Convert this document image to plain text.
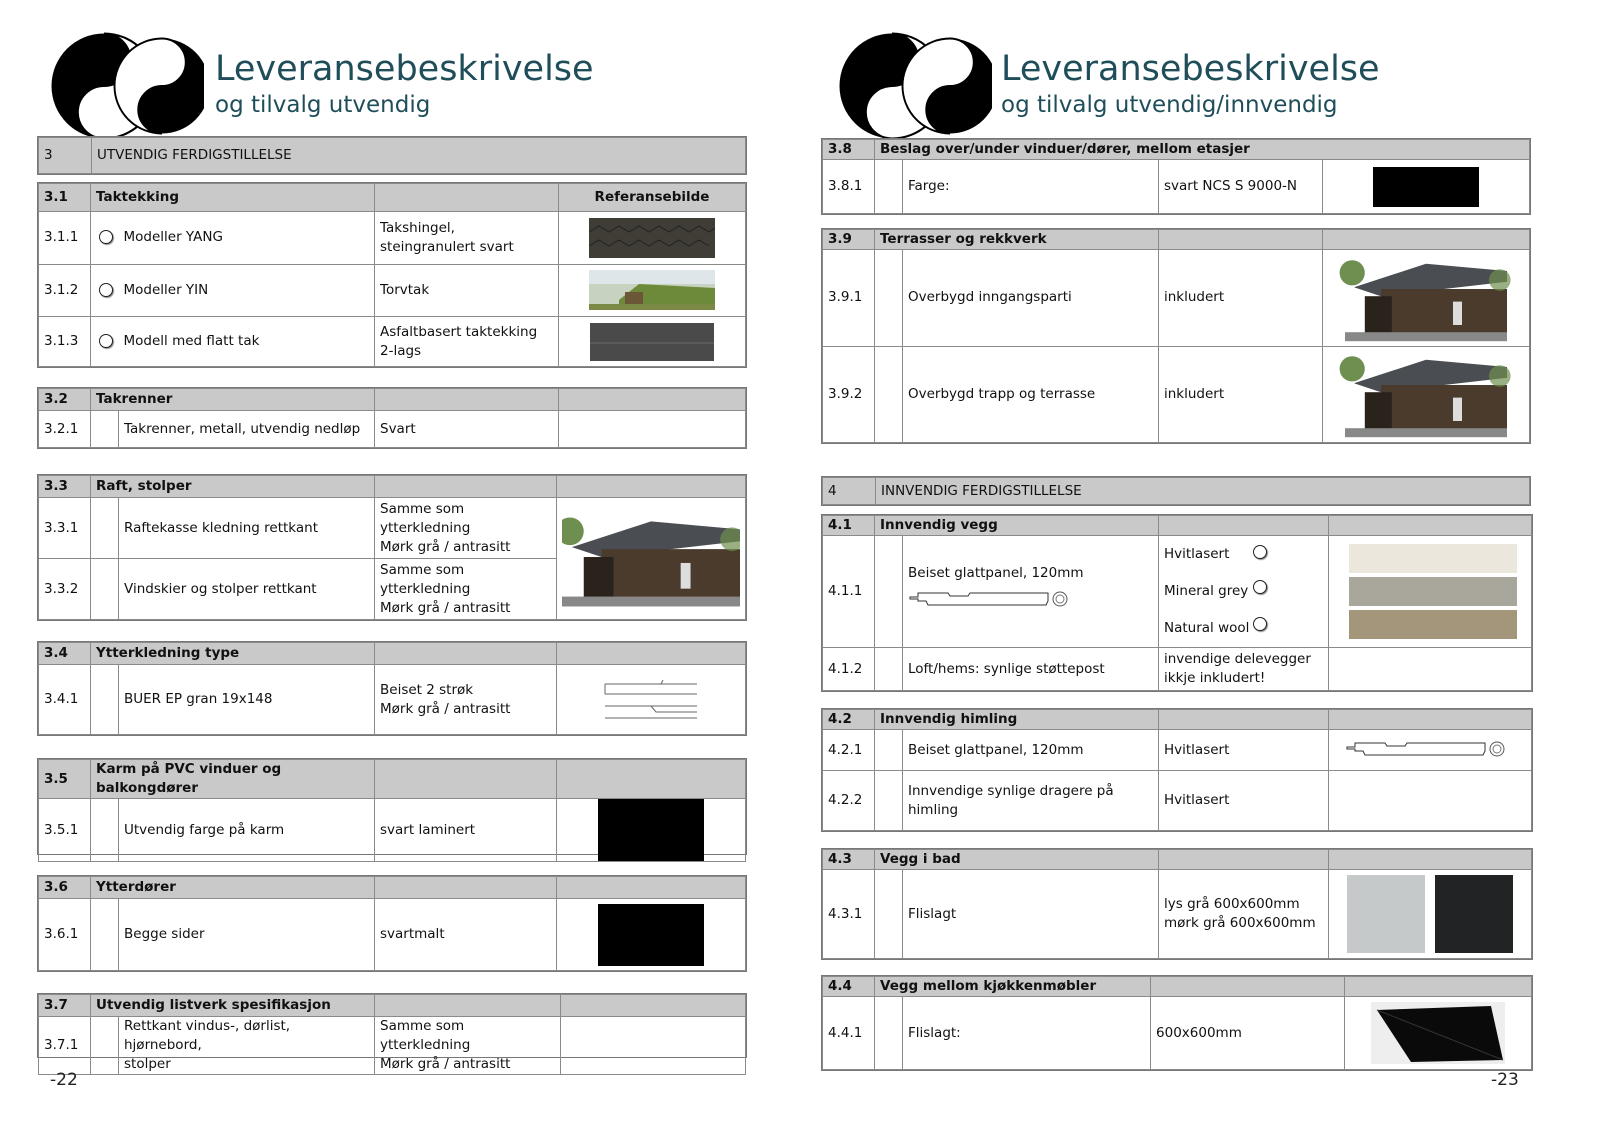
Leveransebeskrivelse
og tilvalg utvendig
3	UTVENDIG FERDIGSTILLELSE
3.1	Taktekking			Referansebilde
3.1.1		Modeller YANG	Takshingel,
steingranulert svart	

3.1.2		Modeller YIN	Torvtak	

3.1.3		Modell med flatt tak	Asfaltbasert taktekking
2-lags	
3.2	Takrenner			
3.2.1		Takrenner, metall, utvendig nedløp	Svart	
3.3	Raft, stolper			
3.3.1		Raftekasse kledning rettkant	Samme som ytterkledning
Mørk grå / antrasitt	

3.3.2		Vindskier og stolper rettkant	Samme som ytterkledning
Mørk grå / antrasitt	
3.4	Ytterkledning type			
3.4.1		BUER EP gran 19x148	Beiset 2 strøk
Mørk grå / antrasitt	
3.5	Karm på PVC vinduer og balkongdører			
3.5.1		Utvendig farge på karm	svart laminert	
3.6	Ytterdører			
3.6.1		Begge sider	svartmalt	
3.7	Utvendig listverk spesifikasjon			
3.7.1		Rettkant vindus-, dørlist, hjørnebord,
stolper	Samme som ytterkledning
Mørk grå / antrasitt	
-22
Leveransebeskrivelse
og tilvalg utvendig/innvendig
3.8	Beslag over/under vinduer/dører, mellom etasjer			
3.8.1		Farge:	svart NCS S 9000-N	
3.9	Terrasser og rekkverk			
3.9.1		Overbygd inngangsparti	inkludert	

3.9.2		Overbygd trapp og terrasse	inkludert	
4	INNVENDIG FERDIGSTILLELSE
4.1	Innvendig vegg			
4.1.1		Beiset glattpanel, 120mm	Hvitlasert
Mineral grey
Natural wool	

4.1.2		Loft/hems: synlige støttepost	invendige delevegger
ikkje inkludert!	
4.2	Innvendig himling			
4.2.1		Beiset glattpanel, 120mm	Hvitlasert	

4.2.2		Innvendige synlige dragere på himling	Hvitlasert	
4.3	Vegg i bad			
4.3.1		Flislagt	lys grå 600x600mm
mørk grå 600x600mm	
4.4	Vegg mellom kjøkkenmøbler			
4.4.1		Flislagt:	600x600mm	
-23
